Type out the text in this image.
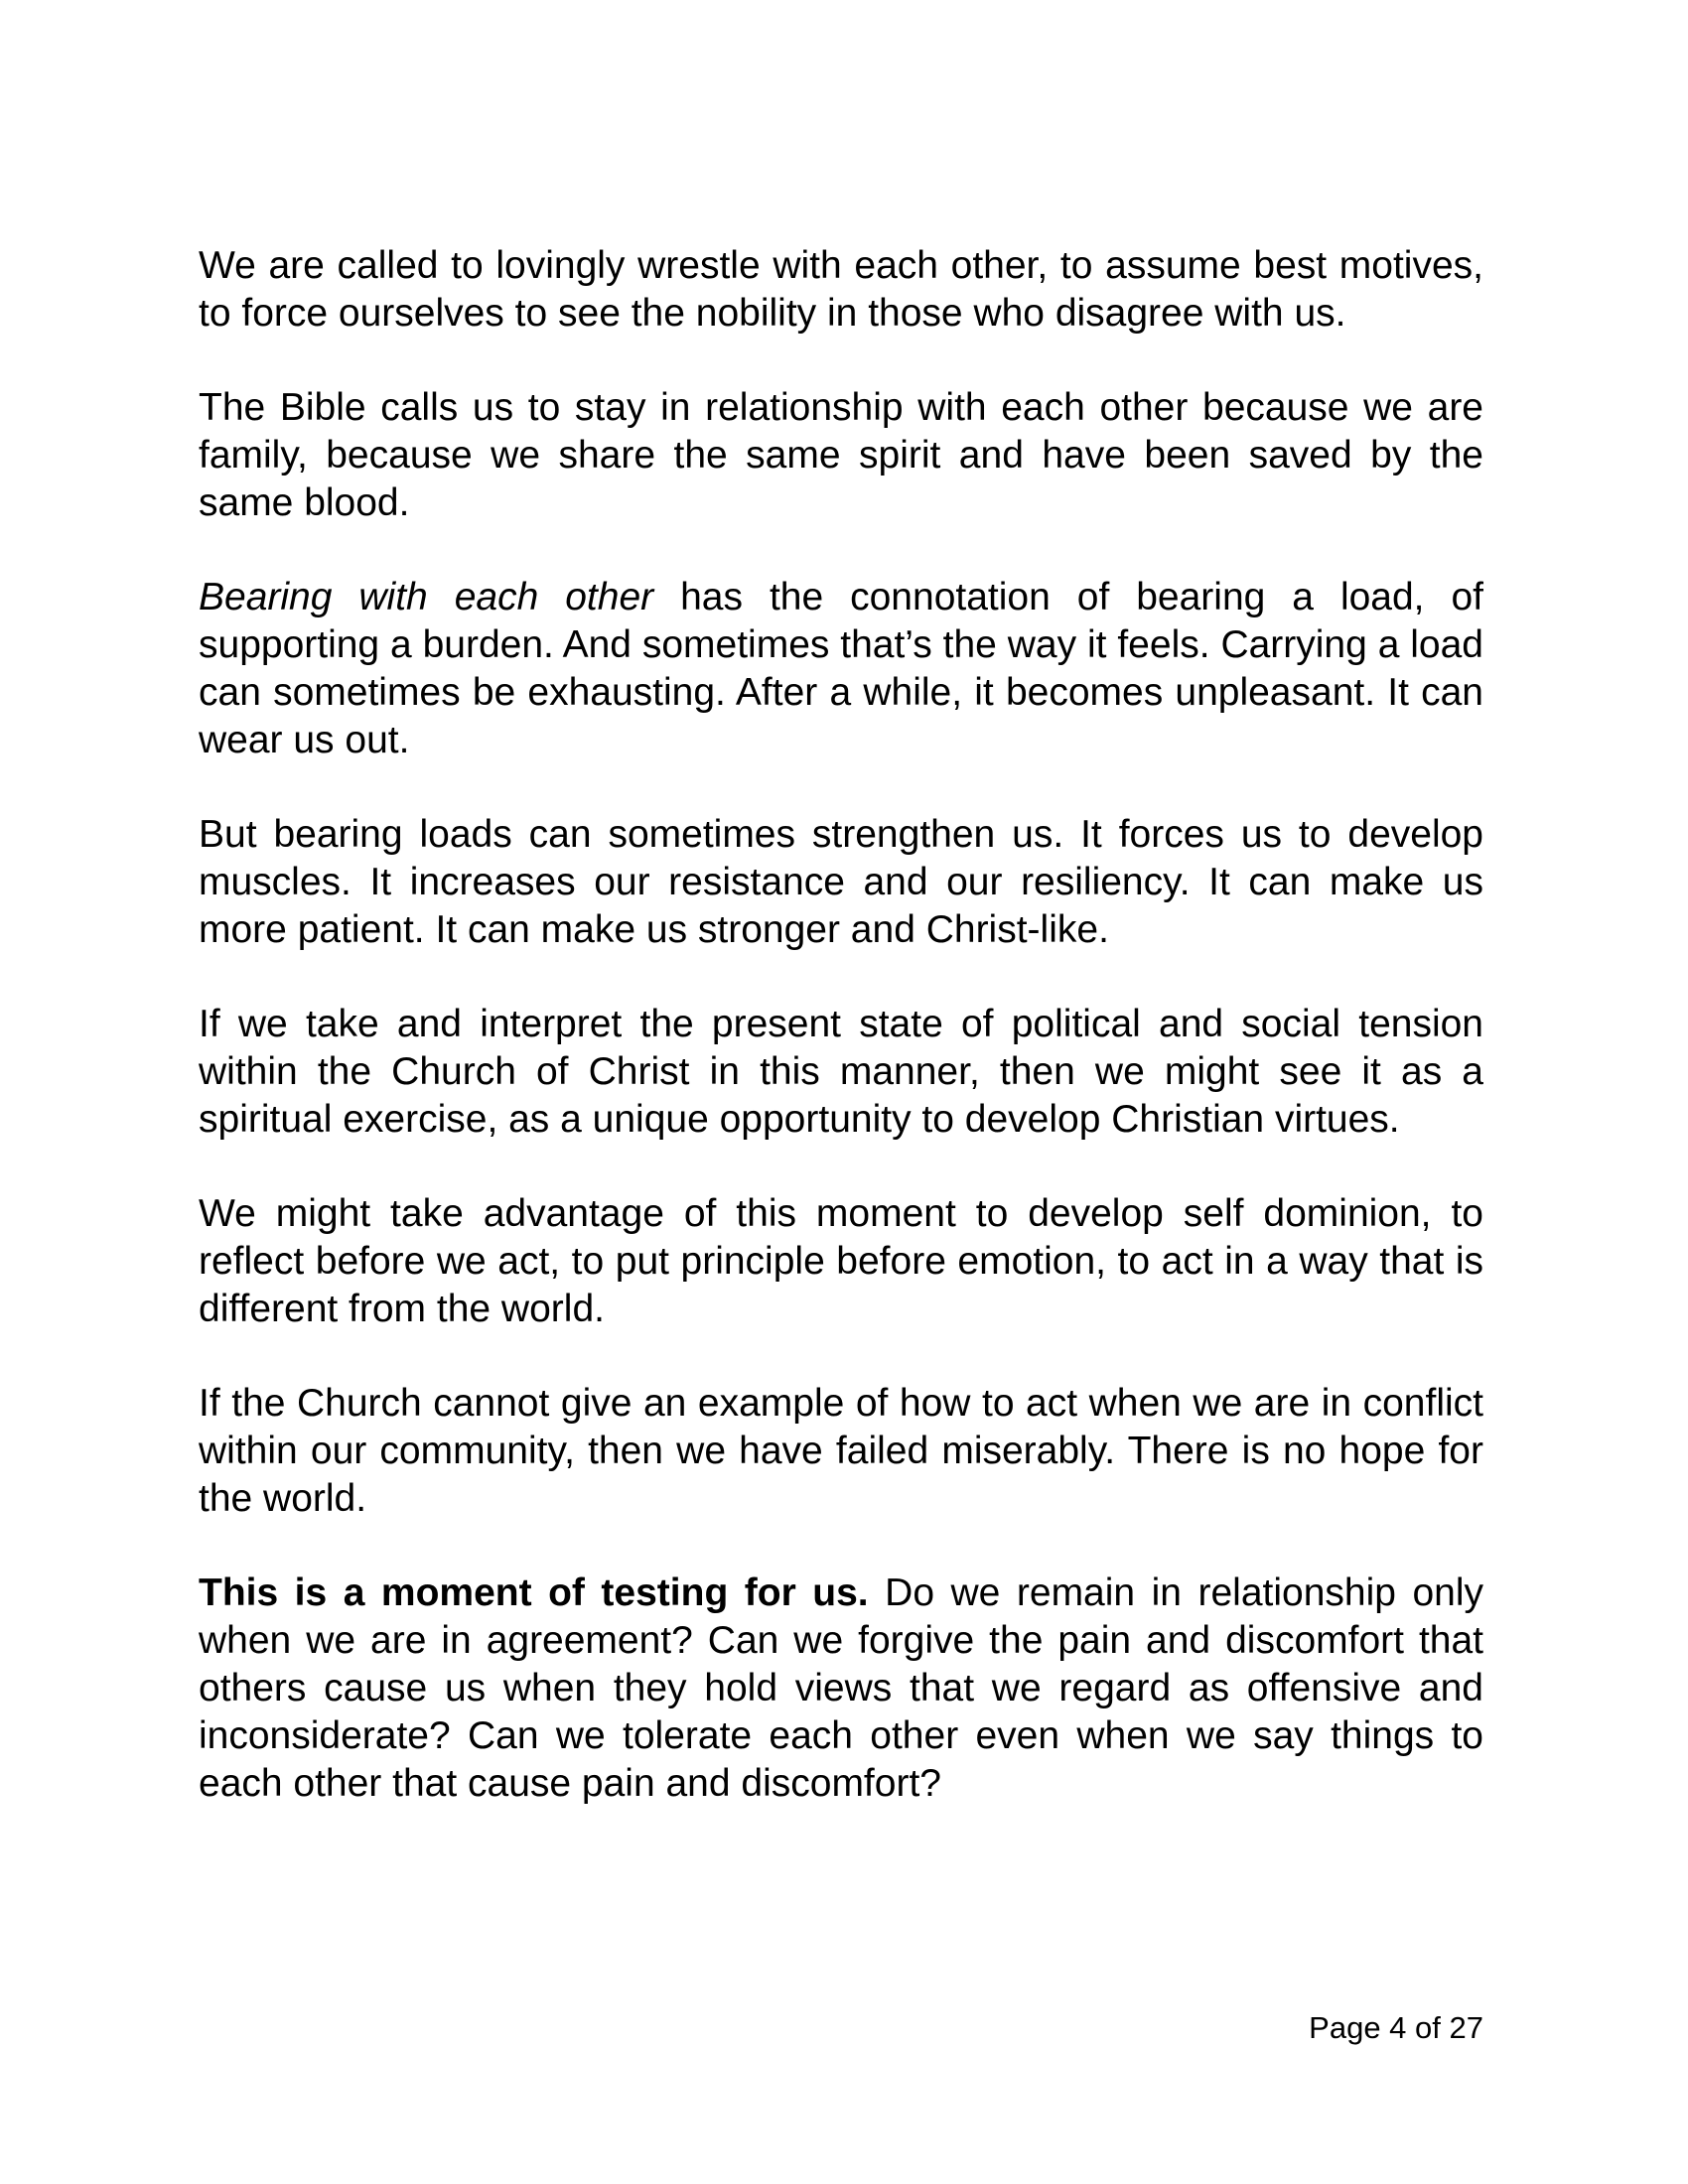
We are called to lovingly wrestle with each other, to assume best motives, to force ourselves to see the nobility in those who disagree with us.

The Bible calls us to stay in relationship with each other because we are family, because we share the same spirit and have been saved by the same blood.

Bearing with each other has the connotation of bearing a load, of supporting a burden. And sometimes that’s the way it feels. Carrying a load can sometimes be exhausting. After a while, it becomes unpleasant. It can wear us out.

But bearing loads can sometimes strengthen us. It forces us to develop muscles. It increases our resistance and our resiliency. It can make us more patient. It can make us stronger and Christ-like.

If we take and interpret the present state of political and social tension within the Church of Christ in this manner, then we might see it as a spiritual exercise, as a unique opportunity to develop Christian virtues.

We might take advantage of this moment to develop self dominion, to reflect before we act, to put principle before emotion, to act in a way that is different from the world.

If the Church cannot give an example of how to act when we are in conflict within our community, then we have failed miserably. There is no hope for the world.

This is a moment of testing for us. Do we remain in relationship only when we are in agreement? Can we forgive the pain and discomfort that others cause us when they hold views that we regard as offensive and inconsiderate? Can we tolerate each other even when we say things to each other that cause pain and discomfort?

Page 4 of 27
